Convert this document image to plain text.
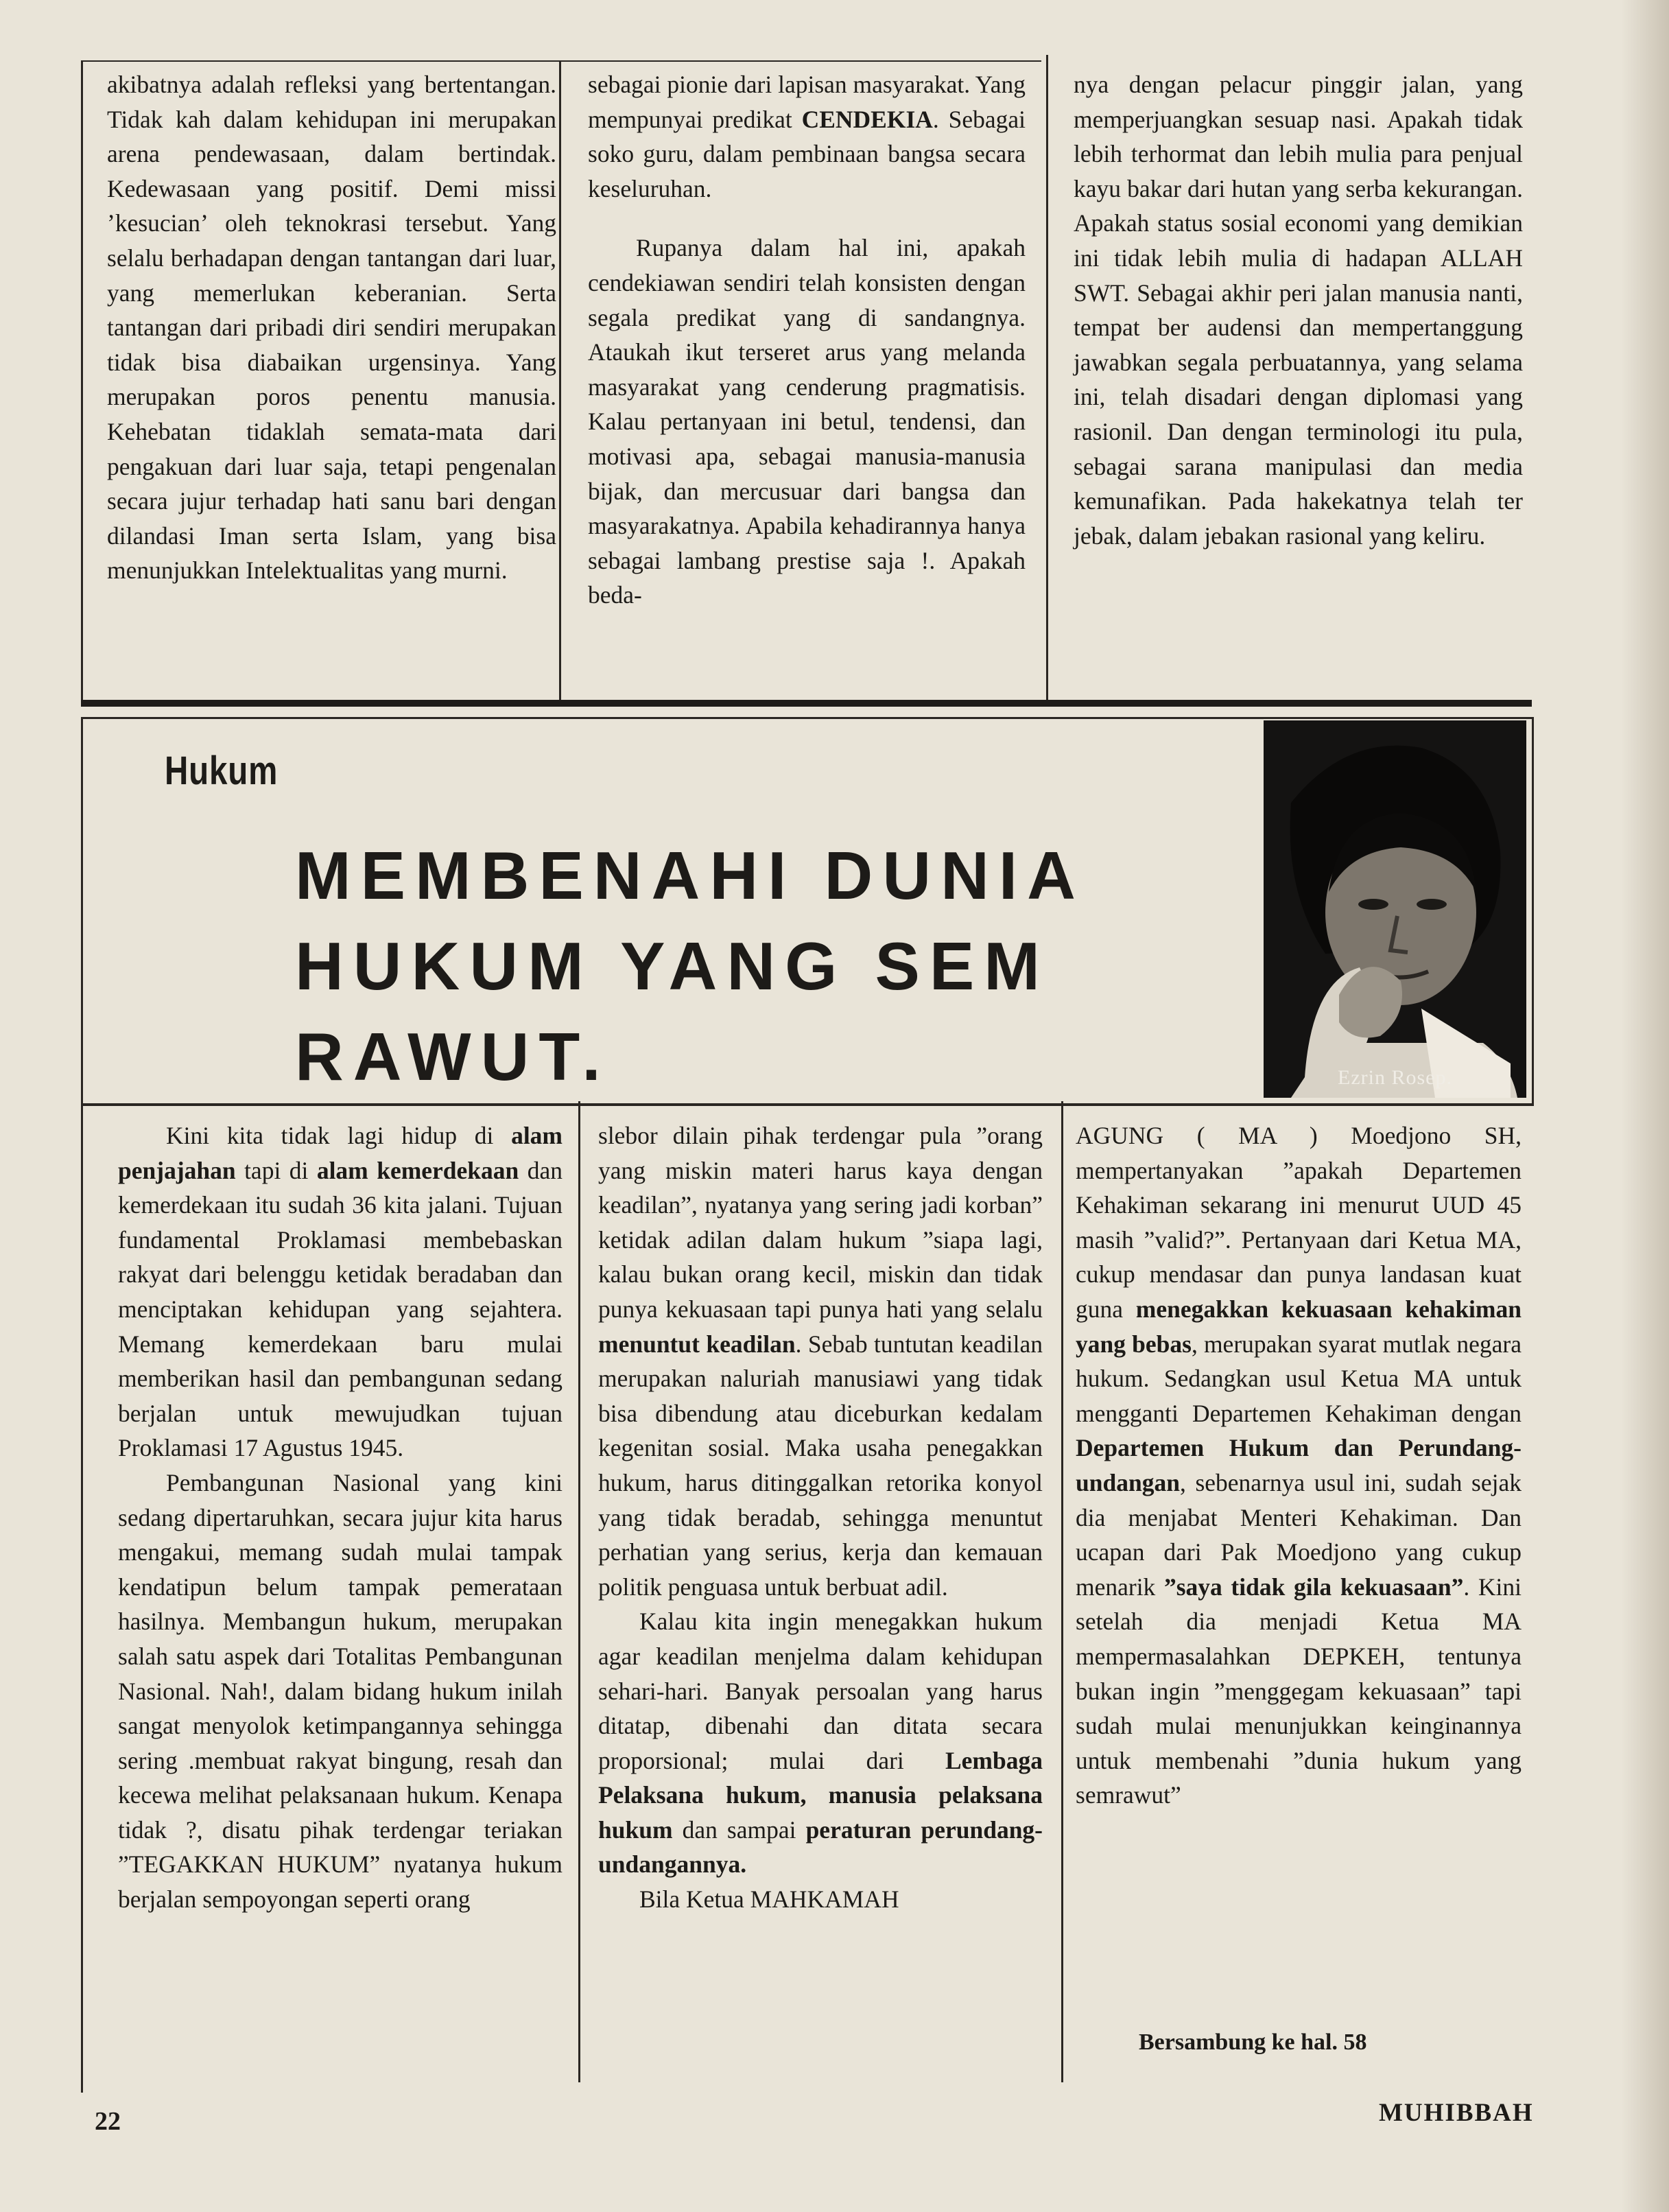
akibatnya adalah refleksi yang bertentangan. Tidak kah dalam kehidupan ini merupakan arena pendewasaan, dalam bertindak. Kedewasaan yang positif. Demi missi ’kesucian’ oleh teknokrasi tersebut. Yang selalu berhadapan dengan tantangan dari luar, yang memerlukan keberanian. Serta tantangan dari pribadi diri sendiri merupakan tidak bisa diabaikan urgensinya. Yang merupakan poros penentu manusia. Kehebatan tidaklah semata-mata dari pengakuan dari luar saja, tetapi pengenalan secara jujur terhadap hati sanu bari dengan dilandasi Iman serta Islam, yang bisa menunjukkan Intelektualitas yang murni.

sebagai pionie dari lapisan masyarakat. Yang mempunyai predikat CENDEKIA. Sebagai soko guru, dalam pembinaan bangsa secara keseluruhan.

Rupanya dalam hal ini, apakah cendekiawan sendiri telah konsisten dengan segala predikat yang di sandangnya. Ataukah ikut terseret arus yang melanda masyarakat yang cenderung pragmatisis. Kalau pertanyaan ini betul, tendensi, dan motivasi apa, sebagai manusia-manusia bijak, dan mercusuar dari bangsa dan masyarakatnya. Apabila kehadirannya hanya sebagai lambang prestise saja !. Apakah beda-

nya dengan pelacur pinggir jalan, yang memperjuangkan sesuap nasi. Apakah tidak lebih terhormat dan lebih mulia para penjual kayu bakar dari hutan yang serba kekurangan. Apakah status sosial economi yang demikian ini tidak lebih mulia di hadapan ALLAH SWT. Sebagai akhir peri jalan manusia nanti, tempat ber audensi dan mempertanggung jawabkan segala perbuatannya, yang selama ini, telah disadari dengan diplomasi yang rasionil. Dan dengan terminologi itu pula, sebagai sarana manipulasi dan media kemunafikan. Pada hakekatnya telah ter jebak, dalam jebakan rasional yang keliru.

Hukum
MEMBENAHI DUNIA
HUKUM YANG SEM
RAWUT.	Ezrin Rosep.

Kini kita tidak lagi hidup di alam penjajahan tapi di alam kemerdekaan dan kemerdekaan itu sudah 36 kita jalani. Tujuan fundamental Proklamasi membebaskan rakyat dari belenggu ketidak beradaban dan menciptakan kehidupan yang sejahtera. Memang kemerdekaan baru mulai memberikan hasil dan pembangunan sedang berjalan untuk mewujudkan tujuan Proklamasi 17 Agustus 1945.

Pembangunan Nasional yang kini sedang dipertaruhkan, secara jujur kita harus mengakui, memang sudah mulai tampak kendatipun belum tampak pemerataan hasilnya. Membangun hukum, merupakan salah satu aspek dari Totalitas Pembangunan Nasional. Nah!, dalam bidang hukum inilah sangat menyolok ketimpangannya sehingga sering .membuat rakyat bingung, resah dan kecewa melihat pelaksanaan hukum. Kenapa tidak ?, disatu pihak terdengar teriakan ”TEGAKKAN HUKUM” nyatanya hukum berjalan sempoyongan seperti orang

slebor dilain pihak terdengar pula ”orang yang miskin materi harus kaya dengan keadilan”, nyatanya yang sering jadi korban” ketidak adilan dalam hukum ”siapa lagi, kalau bukan orang kecil, miskin dan tidak punya kekuasaan tapi punya hati yang selalu menuntut keadilan. Sebab tuntutan keadilan merupakan naluriah manusiawi yang tidak bisa dibendung atau diceburkan kedalam kegenitan sosial. Maka usaha penegakkan hukum, harus ditinggalkan retorika konyol yang tidak beradab, sehingga menuntut perhatian yang serius, kerja dan kemauan politik penguasa untuk berbuat adil.

Kalau kita ingin menegakkan hukum agar keadilan menjelma dalam kehidupan sehari-hari. Banyak persoalan yang harus ditatap, dibenahi dan ditata secara proporsional; mulai dari Lembaga Pelaksana hukum, manusia pelaksana hukum dan sampai peraturan perundang-undangannya.

Bila Ketua MAHKAMAH

AGUNG ( MA ) Moedjono SH, mempertanyakan ”apakah Departemen Kehakiman sekarang ini menurut UUD 45 masih ”valid?”. Pertanyaan dari Ketua MA, cukup mendasar dan punya landasan kuat guna menegakkan kekuasaan kehakiman yang bebas, merupakan syarat mutlak negara hukum. Sedangkan usul Ketua MA untuk mengganti Departemen Kehakiman dengan Departemen Hukum dan Perundang-undangan, sebenarnya usul ini, sudah sejak dia menjabat Menteri Kehakiman. Dan ucapan dari Pak Moedjono yang cukup menarik ”saya tidak gila kekuasaan”. Kini setelah dia menjadi Ketua MA mempermasalahkan DEPKEH, tentunya bukan ingin ”menggegam kekuasaan” tapi sudah mulai menunjukkan keinginannya untuk membenahi ”dunia hukum yang semrawut”

Bersambung ke hal. 58
22	MUHIBBAH
